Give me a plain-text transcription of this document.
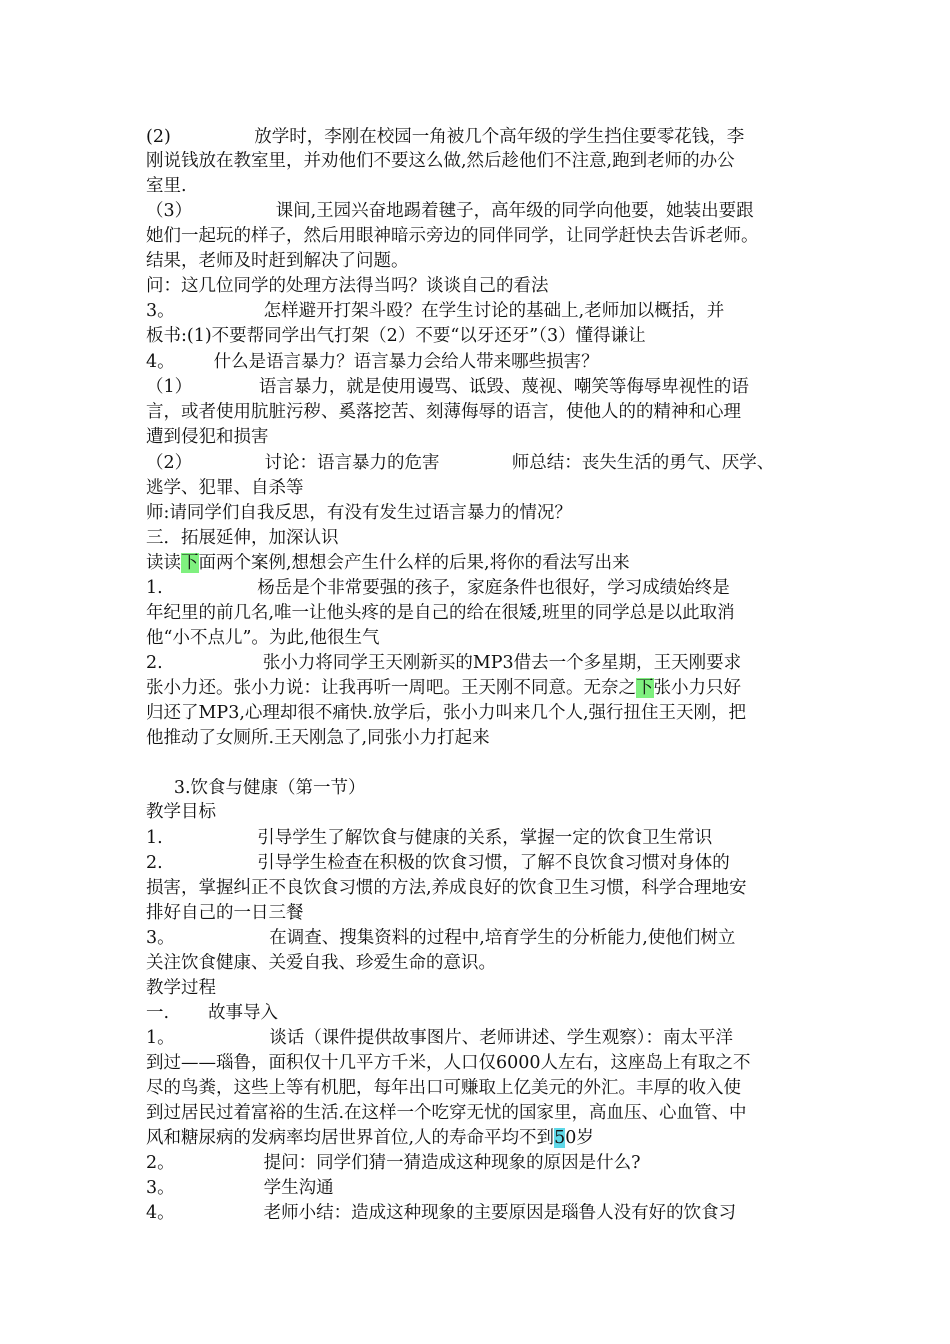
(2)               放学时，李刚在校园一角被几个高年级的学生挡住要零花钱，李
刚说钱放在教室里，并劝他们不要这么做,然后趁他们不注意,跑到老师的办公
室里.
（3）               课间,王园兴奋地踢着毽子，高年级的同学向他要，她装出要跟
她们一起玩的样子，然后用眼神暗示旁边的同伴同学，让同学赶快去告诉老师。
结果，老师及时赶到解决了问题。
问：这几位同学的处理方法得当吗？谈谈自己的看法
3。                怎样避开打架斗殴？在学生讨论的基础上,老师加以概括，并
板书:(1)不要帮同学出气打架（2）不要“以牙还牙”（3）懂得谦让
4。       什么是语言暴力？语言暴力会给人带来哪些损害？
（1）            语言暴力，就是使用谩骂、诋毁、蔑视、嘲笑等侮辱卑视性的语
言，或者使用肮脏污秽、奚落挖苦、刻薄侮辱的语言，使他人的的精神和心理
遭到侵犯和损害
（2）             讨论：语言暴力的危害             师总结：丧失生活的勇气、厌学、
逃学、犯罪、自杀等
师:请同学们自我反思，有没有发生过语言暴力的情况？
三．拓展延伸，加深认识
读读下面两个案例,想想会产生什么样的后果,将你的看法写出来
1.                 杨岳是个非常要强的孩子，家庭条件也很好，学习成绩始终是
年纪里的前几名,唯一让他头疼的是自己的给在很矮,班里的同学总是以此取消
他“小不点儿”。为此,他很生气
2.                  张小力将同学王天刚新买的MP3借去一个多星期，王天刚要求
张小力还。张小力说：让我再听一周吧。王天刚不同意。无奈之下张小力只好
归还了MP3,心理却很不痛快.放学后，张小力叫来几个人,强行扭住王天刚，把
他推动了女厕所.王天刚急了,同张小力打起来
3.饮食与健康（第一节）
教学目标
1.                 引导学生了解饮食与健康的关系，掌握一定的饮食卫生常识
2.                 引导学生检查在积极的饮食习惯，了解不良饮食习惯对身体的
损害，掌握纠正不良饮食习惯的方法,养成良好的饮食卫生习惯，科学合理地安
排好自己的一日三餐
3。                 在调查、搜集资料的过程中,培育学生的分析能力,使他们树立
关注饮食健康、关爱自我、珍爱生命的意识。
教学过程
一.       故事导入
1。                 谈话（课件提供故事图片、老师讲述、学生观察）：南太平洋
到过——瑙鲁，面积仅十几平方千米，人口仅6000人左右，这座岛上有取之不
尽的鸟粪，这些上等有机肥，每年出口可赚取上亿美元的外汇。丰厚的收入使
到过居民过着富裕的生活.在这样一个吃穿无忧的国家里，高血压、心血管、中
风和糖尿病的发病率均居世界首位,人的寿命平均不到50岁
2。                提问：同学们猜一猜造成这种现象的原因是什么?
3。                学生沟通
4。                老师小结：造成这种现象的主要原因是瑙鲁人没有好的饮食习
